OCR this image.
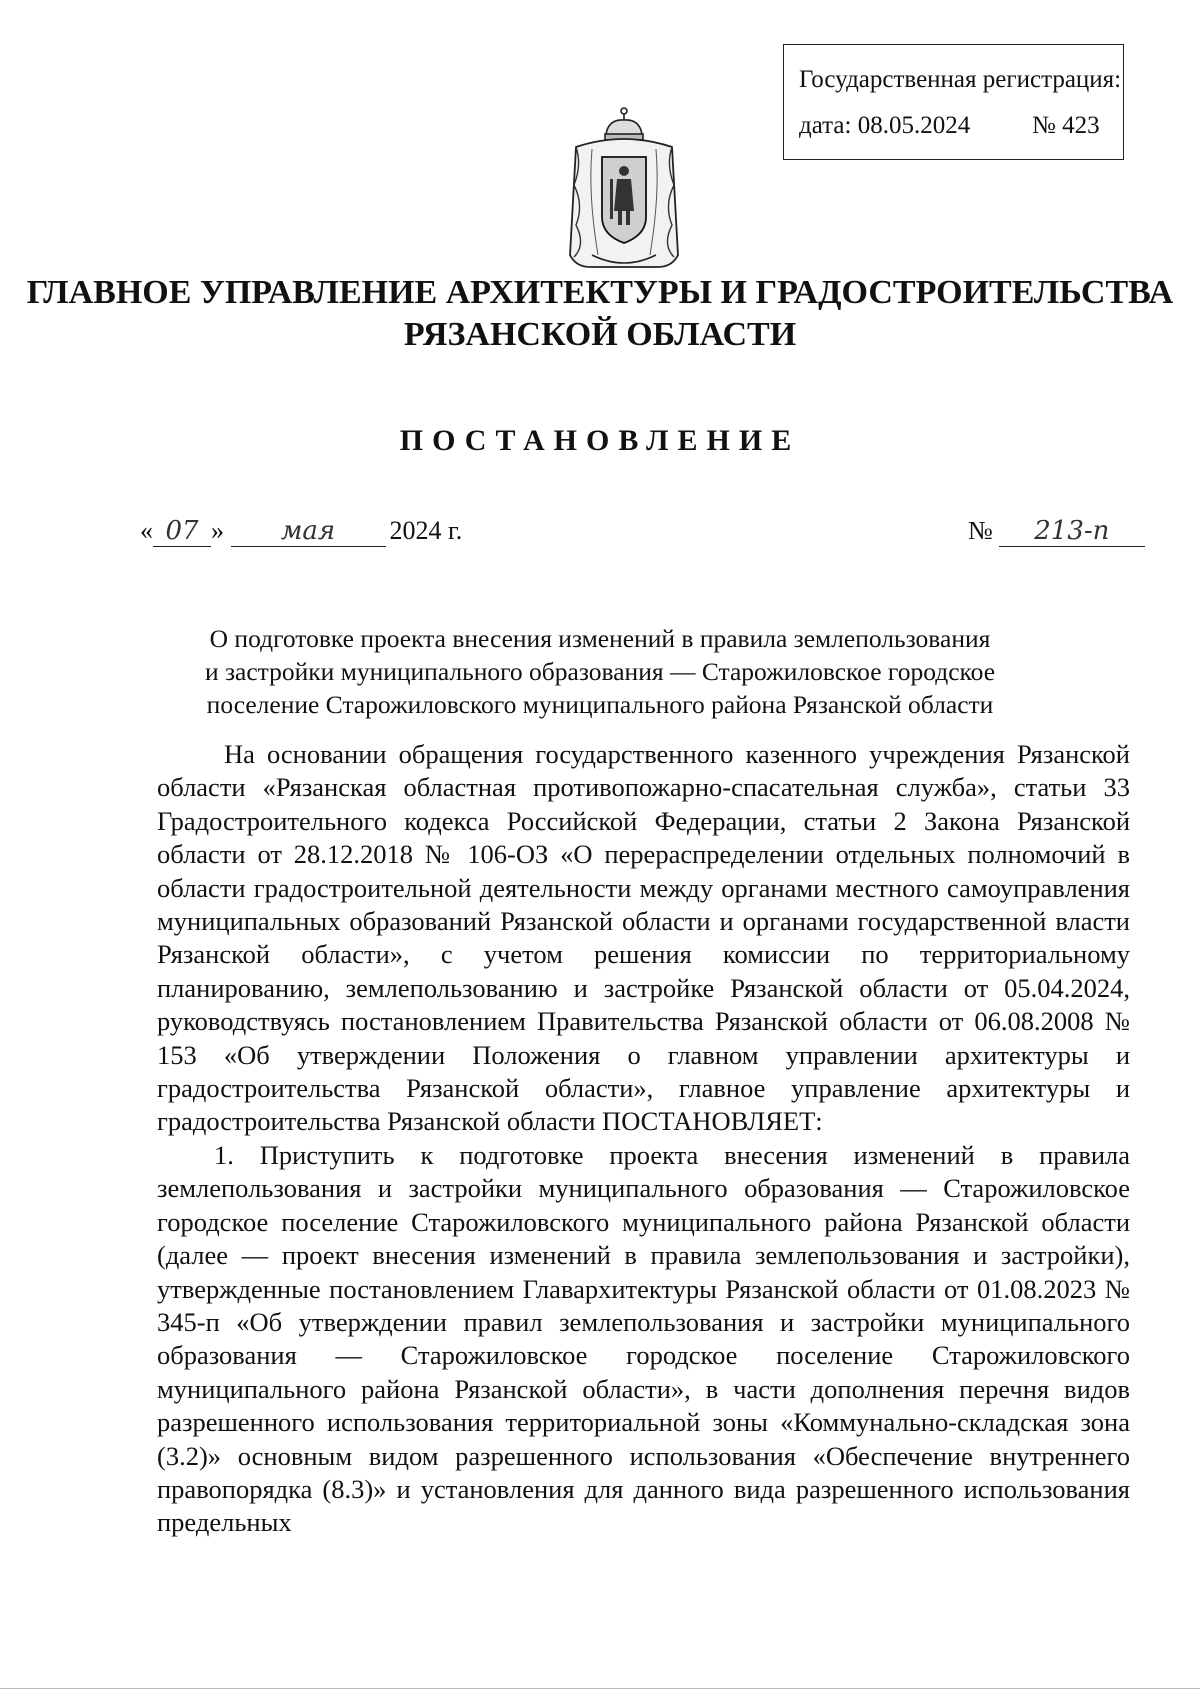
Государственная регистрация:
дата: 08.05.2024 № 423
ГЛАВНОЕ УПРАВЛЕНИЕ АРХИТЕКТУРЫ И ГРАДОСТРОИТЕЛЬСТВА
РЯЗАНСКОЙ ОБЛАСТИ
ПОСТАНОВЛЕНИЕ
« 07 » мая 2024 г.	№ 213-п
О подготовке проекта внесения изменений в правила землепользования
и застройки муниципального образования — Старожиловское городское
поселение Старожиловского муниципального района Рязанской области

На основании обращения государственного казенного учреждения Рязанской области «Рязанская областная противопожарно-спасательная служба», статьи 33 Градостроительного кодекса Российской Федерации, статьи 2 Закона Рязанской области от 28.12.2018 № 106-ОЗ «О перераспределении отдельных полномочий в области градостроительной деятельности между органами местного самоуправления муниципальных образований Рязанской области и органами государственной власти Рязанской области», с учетом решения комиссии по территориальному планированию, землепользованию и застройке Рязанской области от 05.04.2024, руководствуясь постановлением Правительства Рязанской области от 06.08.2008 № 153 «Об утверждении Положения о главном управлении архитектуры и градостроительства Рязанской области», главное управление архитектуры и градостроительства Рязанской области ПОСТАНОВЛЯЕТ:

1. Приступить к подготовке проекта внесения изменений в правила землепользования и застройки муниципального образования — Старожиловское городское поселение Старожиловского муниципального района Рязанской области (далее — проект внесения изменений в правила землепользования и застройки), утвержденные постановлением Главархитектуры Рязанской области от 01.08.2023 № 345-п «Об утверждении правил землепользования и застройки муниципального образования — Старожиловское городское поселение Старожиловского муниципального района Рязанской области», в части дополнения перечня видов разрешенного использования территориальной зоны «Коммунально-складская зона (3.2)» основным видом разрешенного использования «Обеспечение внутреннего правопорядка (8.3)» и установления для данного вида разрешенного использования предельных
